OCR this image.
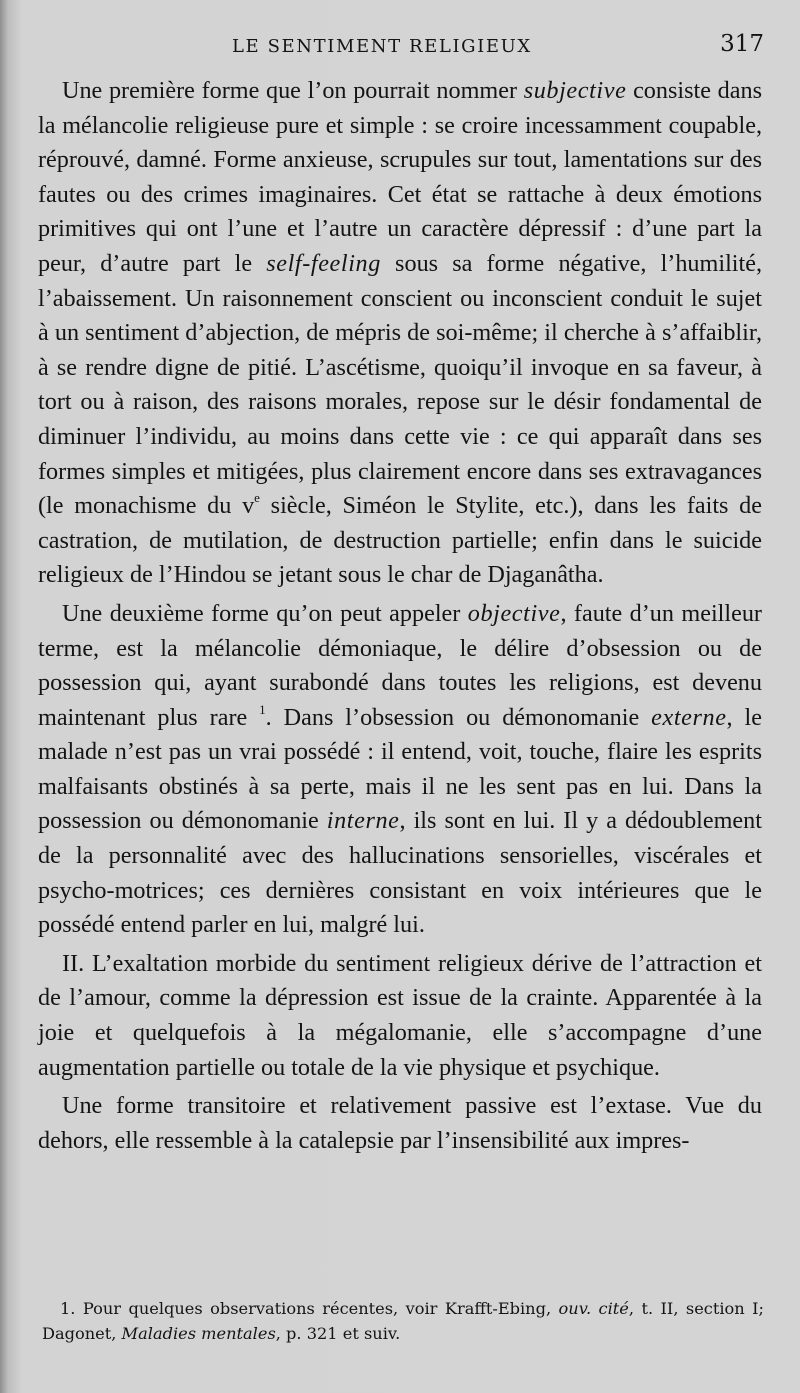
LE SENTIMENT RELIGIEUX	317

Une première forme que l’on pourrait nommer subjective consiste dans la mélancolie religieuse pure et simple : se croire incessamment coupable, réprouvé, damné. Forme anxieuse, scrupules sur tout, lamentations sur des fautes ou des crimes imaginaires. Cet état se rattache à deux émotions primitives qui ont l’une et l’autre un caractère dépressif : d’une part la peur, d’autre part le self-feeling sous sa forme négative, l’humilité, l’abaissement. Un raisonnement conscient ou inconscient conduit le sujet à un sentiment d’abjection, de mépris de soi-même; il cherche à s’affaiblir, à se rendre digne de pitié. L’ascétisme, quoiqu’il invoque en sa faveur, à tort ou à raison, des raisons morales, repose sur le désir fondamental de diminuer l’individu, au moins dans cette vie : ce qui apparaît dans ses formes simples et mitigées, plus clairement encore dans ses extravagances (le monachisme du $v^e$ siècle, Siméon le Stylite, etc.), dans les faits de castration, de mutilation, de destruction partielle; enfin dans le suicide religieux de l’Hindou se jetant sous le char de Djaganâtha.

Une deuxième forme qu’on peut appeler objective, faute d’un meilleur terme, est la mélancolie démoniaque, le délire d’obsession ou de possession qui, ayant surabondé dans toutes les religions, est devenu maintenant plus rare $^1$. Dans l’obsession ou démonomanie externe, le malade n’est pas un vrai possédé : il entend, voit, touche, flaire les esprits malfaisants obstinés à sa perte, mais il ne les sent pas en lui. Dans la possession ou démonomanie interne, ils sont en lui. Il y a dédoublement de la personnalité avec des hallucinations sensorielles, viscérales et psycho-motrices; ces dernières consistant en voix intérieures que le possédé entend parler en lui, malgré lui.

II. L’exaltation morbide du sentiment religieux dérive de l’attraction et de l’amour, comme la dépression est issue de la crainte. Apparentée à la joie et quelquefois à la mégalomanie, elle s’accompagne d’une augmentation partielle ou totale de la vie physique et psychique.

Une forme transitoire et relativement passive est l’extase. Vue du dehors, elle ressemble à la catalepsie par l’insensibilité aux impres-

1. Pour quelques observations récentes, voir Krafft-Ebing, ouv. cité, t. II, section I; Dagonet, Maladies mentales, p. 321 et suiv.
